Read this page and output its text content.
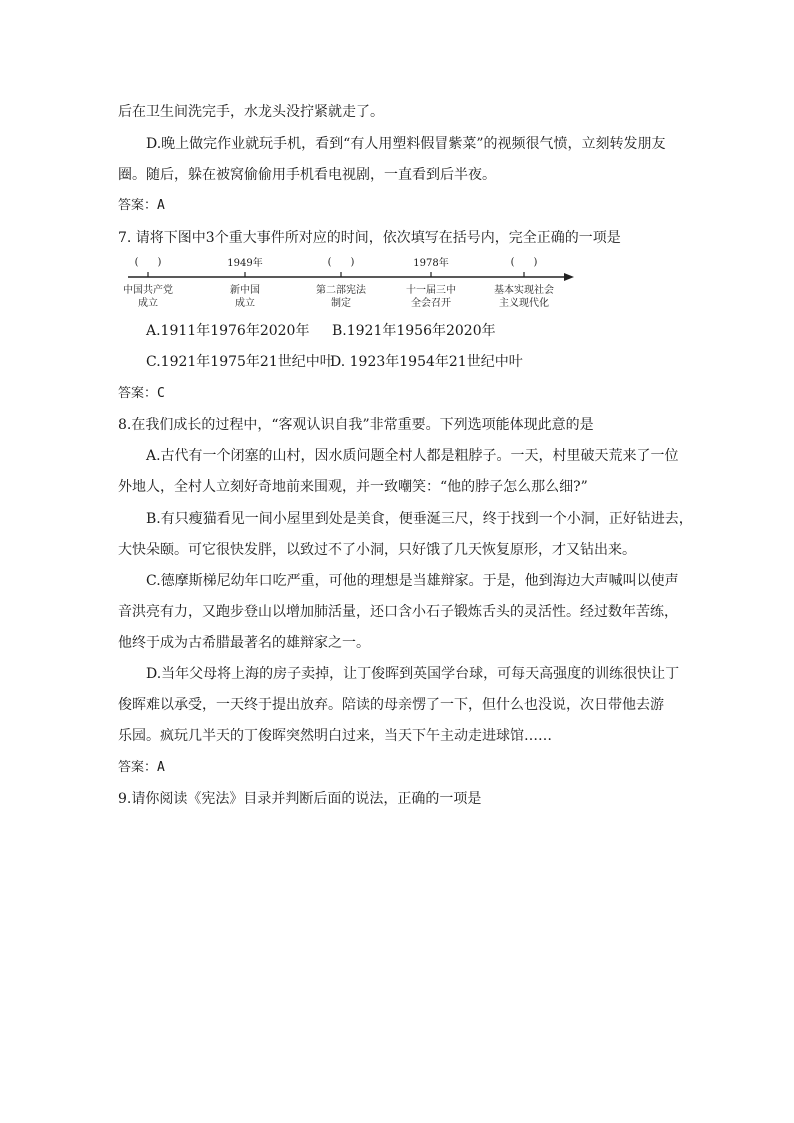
后在卫生间洗完手，水龙头没拧紧就走了。
D.晚上做完作业就玩手机，看到“有人用塑料假冒紫菜”的视频很气愤，立刻转发朋友
圈。随后，躲在被窝偷偷用手机看电视剧，一直看到后半夜。
答案：A
7. 请将下图中3个重大事件所对应的时间，依次填写在括号内，完全正确的一项是
(      )	1949年	(      )	1978年	(      )
中国共产党
成立
新中国
成立
第二部宪法
制定
十一届三中
全会召开
基本实现社会
主义现代化
A.1911年1976年2020年 B.1921年1956年2020年
C.1921年1975年21世纪中叶
D. 1923年1954年21世纪中叶
答案：C
8.在我们成长的过程中，“客观认识自我”非常重要。下列选项能体现此意的是
A.古代有一个闭塞的山村，因水质问题全村人都是粗脖子。一天，村里破天荒来了一位
外地人，全村人立刻好奇地前来围观，并一致嘲笑：“他的脖子怎么那么细?”
B.有只瘦猫看见一间小屋里到处是美食，便垂涎三尺，终于找到一个小洞，正好钻进去，
大快朵颐。可它很快发胖，以致过不了小洞，只好饿了几天恢复原形，才又钻出来。
C.德摩斯梯尼幼年口吃严重，可他的理想是当雄辩家。于是，他到海边大声喊叫以使声
音洪亮有力，又跑步登山以增加肺活量，还口含小石子锻炼舌头的灵活性。经过数年苦练，
他终于成为古希腊最著名的雄辩家之一。
D.当年父母将上海的房子卖掉，让丁俊晖到英国学台球，可每天高强度的训练很快让丁
俊晖难以承受，一天终于提出放弃。陪读的母亲愣了一下，但什么也没说，次日带他去游
乐园。疯玩几半天的丁俊晖突然明白过来，当天下午主动走进球馆……
答案：A
9.请你阅读《宪法》目录并判断后面的说法，正确的一项是
